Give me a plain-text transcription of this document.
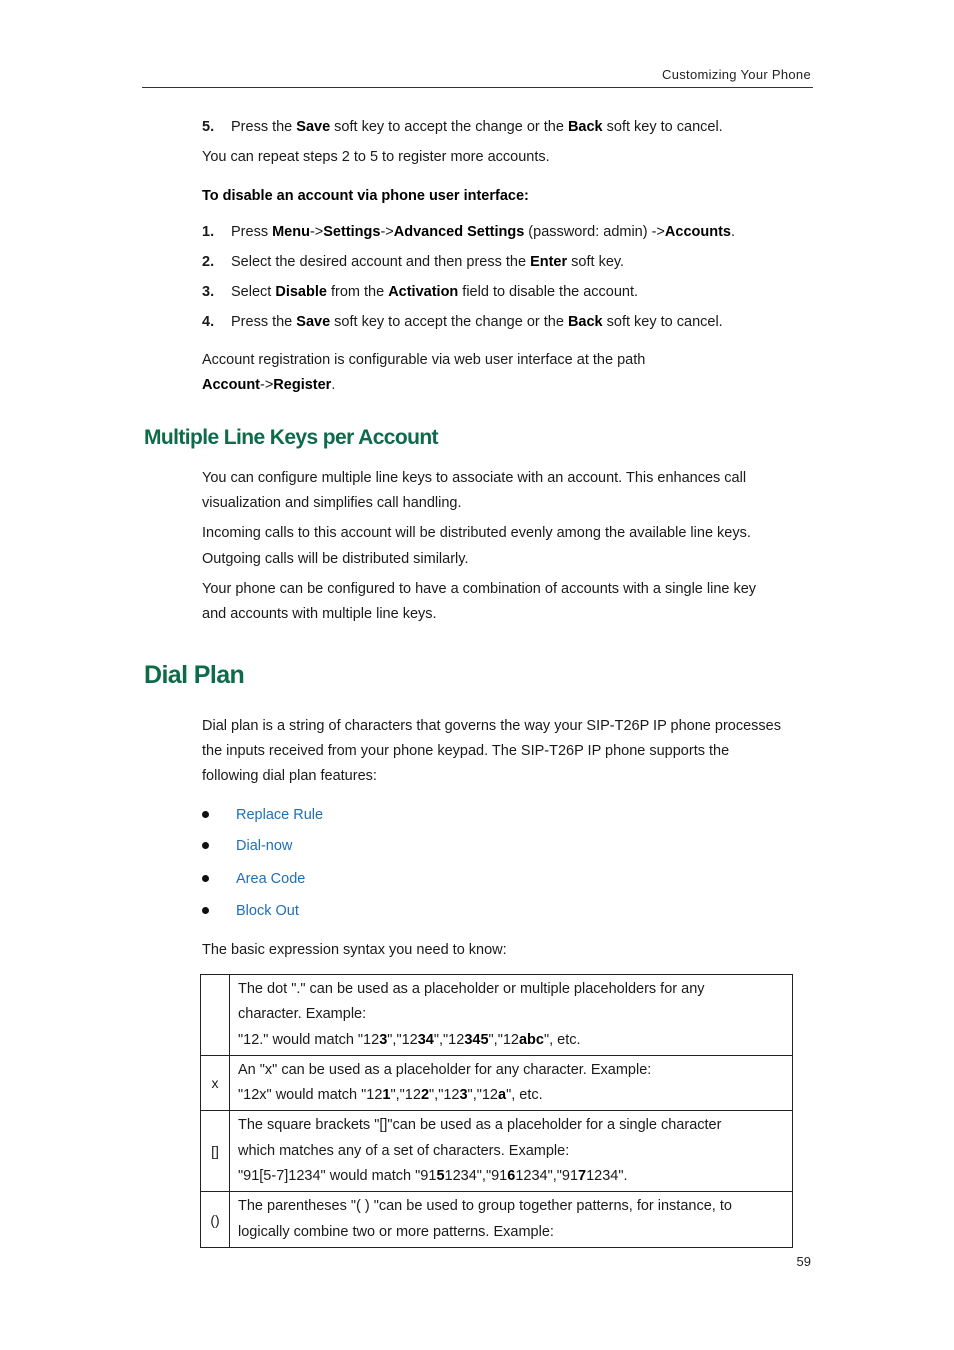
Customizing Your Phone
5. Press the Save soft key to accept the change or the Back soft key to cancel.
You can repeat steps 2 to 5 to register more accounts.
To disable an account via phone user interface:
1. Press Menu->Settings->Advanced Settings (password: admin) ->Accounts.
2. Select the desired account and then press the Enter soft key.
3. Select Disable from the Activation field to disable the account.
4. Press the Save soft key to accept the change or the Back soft key to cancel.
Account registration is configurable via web user interface at the path
Account->Register.
Multiple Line Keys per Account
You can configure multiple line keys to associate with an account. This enhances call
visualization and simplifies call handling.
Incoming calls to this account will be distributed evenly among the available line keys.
Outgoing calls will be distributed similarly.
Your phone can be configured to have a combination of accounts with a single line key
and accounts with multiple line keys.
Dial Plan
Dial plan is a string of characters that governs the way your SIP-T26P IP phone processes
the inputs received from your phone keypad. The SIP-T26P IP phone supports the
following dial plan features:
Replace Rule
Dial-now
Area Code
Block Out
The basic expression syntax you need to know:

	The dot "." can be used as a placeholder or multiple placeholders for any
character. Example:
"12." would match "123","1234","12345","12abc", etc.

x	An "x" can be used as a placeholder for any character. Example:
"12x" would match "121","122","123","12a", etc.

[]	The square brackets "[]"can be used as a placeholder for a single character
which matches any of a set of characters. Example:
"91[5-7]1234" would match "9151234","9161234","9171234".

()	The parentheses "( ) "can be used to group together patterns, for instance, to
logically combine two or more patterns. Example:
59
